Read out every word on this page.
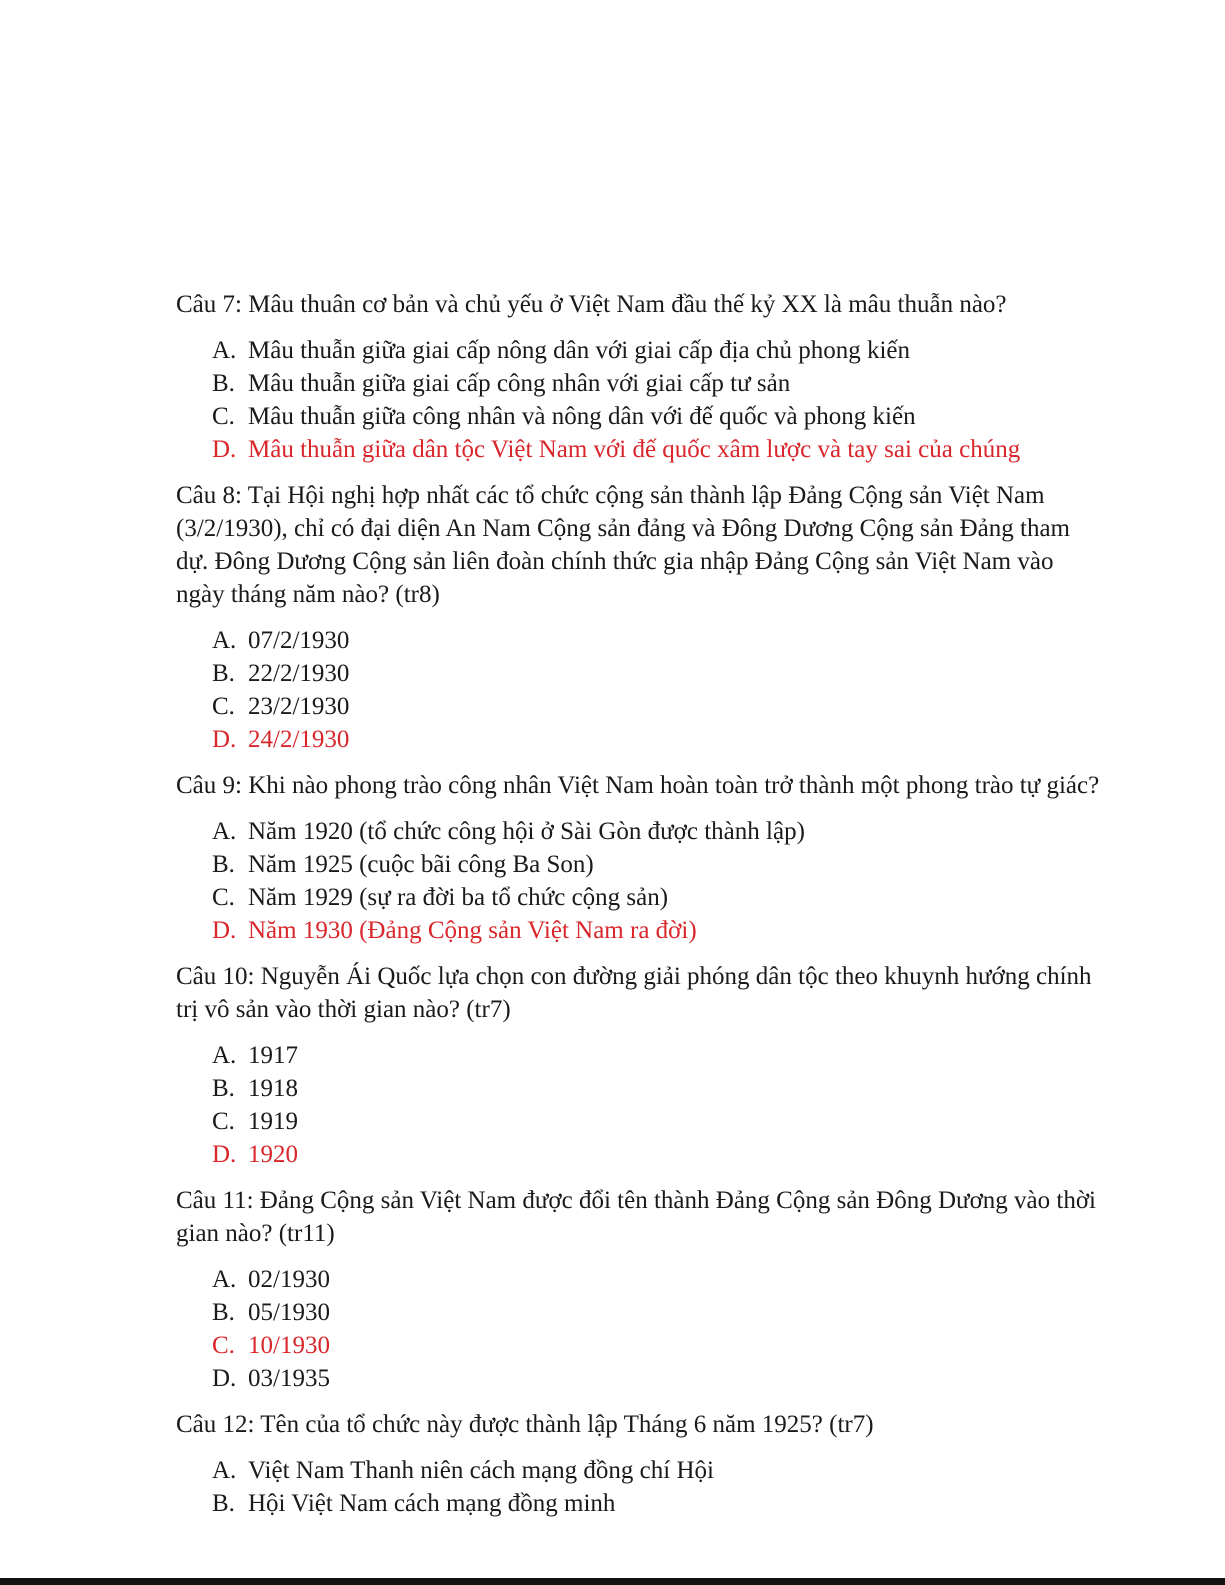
Câu 7: Mâu thuân cơ bản và chủ yếu ở Việt Nam đầu thế kỷ XX là mâu thuẫn nào?

A. Mâu thuẫn giữa giai cấp nông dân với giai cấp địa chủ phong kiến
B. Mâu thuẫn giữa giai cấp công nhân với giai cấp tư sản
C. Mâu thuẫn giữa công nhân và nông dân với đế quốc và phong kiến
D. Mâu thuẫn giữa dân tộc Việt Nam với đế quốc xâm lược và tay sai của chúng

Câu 8: Tại Hội nghị hợp nhất các tổ chức cộng sản thành lập Đảng Cộng sản Việt Nam (3/2/1930), chỉ có đại diện An Nam Cộng sản đảng và Đông Dương Cộng sản Đảng tham dự. Đông Dương Cộng sản liên đoàn chính thức gia nhập Đảng Cộng sản Việt Nam vào ngày tháng năm nào? (tr8)

A. 07/2/1930
B. 22/2/1930
C. 23/2/1930
D. 24/2/1930

Câu 9: Khi nào phong trào công nhân Việt Nam hoàn toàn trở thành một phong trào tự giác?

A. Năm 1920 (tổ chức công hội ở Sài Gòn được thành lập)
B. Năm 1925 (cuộc bãi công Ba Son)
C. Năm 1929 (sự ra đời ba tổ chức cộng sản)
D. Năm 1930 (Đảng Cộng sản Việt Nam ra đời)

Câu 10: Nguyễn Ái Quốc lựa chọn con đường giải phóng dân tộc theo khuynh hướng chính trị vô sản vào thời gian nào? (tr7)

A. 1917
B. 1918
C. 1919
D. 1920

Câu 11: Đảng Cộng sản Việt Nam được đổi tên thành Đảng Cộng sản Đông Dương vào thời gian nào? (tr11)

A. 02/1930
B. 05/1930
C. 10/1930
D. 03/1935

Câu 12: Tên của tổ chức này được thành lập Tháng 6 năm 1925? (tr7)

A. Việt Nam Thanh niên cách mạng đồng chí Hội
B. Hội Việt Nam cách mạng đồng minh
